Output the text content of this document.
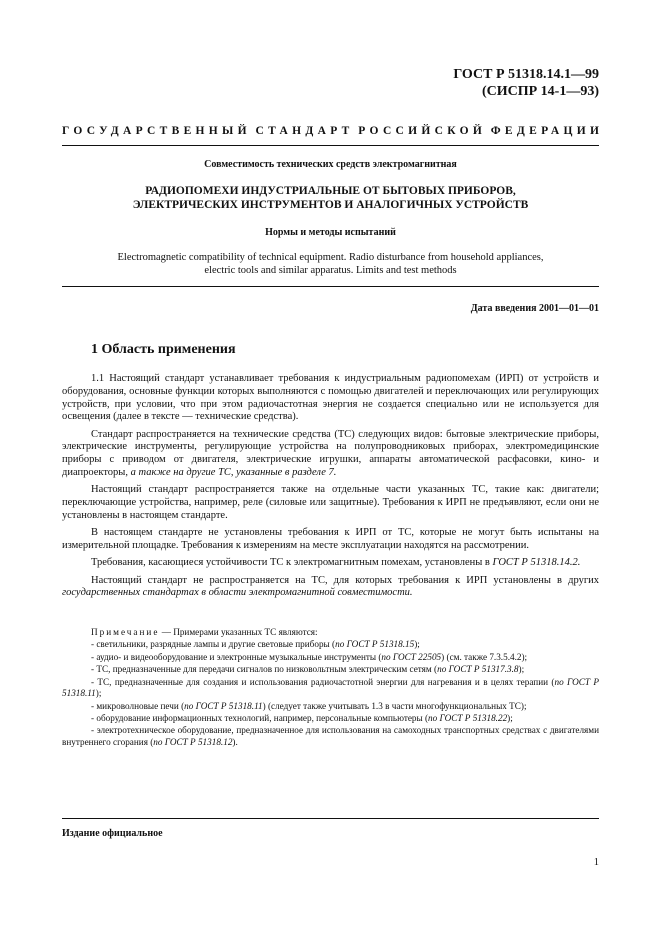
ГОСТ Р 51318.14.1—99
(СИСПР 14-1—93)
ГОСУДАРСТВЕННЫЙ СТАНДАРТ РОССИЙСКОЙ ФЕДЕРАЦИИ
Совместимость технических средств электромагнитная
РАДИОПОМЕХИ ИНДУСТРИАЛЬНЫЕ ОТ БЫТОВЫХ ПРИБОРОВ,
ЭЛЕКТРИЧЕСКИХ ИНСТРУМЕНТОВ И АНАЛОГИЧНЫХ УСТРОЙСТВ
Нормы и методы испытаний
Electromagnetic compatibility of technical equipment. Radio disturbance from household appliances,
electric tools and similar apparatus. Limits and test methods
Дата введения 2001—01—01
1 Область применения

1.1 Настоящий стандарт устанавливает требования к индустриальным радиопомехам (ИРП) от устройств и оборудования, основные функции которых выполняются с помощью двигателей и переключающих или регулирующих устройств, при условии, что при этом радиочастотная энергия не создается специально или не используется для освещения (далее в тексте — технические средства).

Стандарт распространяется на технические средства (ТС) следующих видов: бытовые электрические приборы, электрические инструменты, регулирующие устройства на полупроводниковых приборах, электромедицинские приборы с приводом от двигателя, электрические игрушки, аппараты автоматической расфасовки, кино- и диапроекторы, а также на другие ТС, указанные в разделе 7.

Настоящий стандарт распространяется также на отдельные части указанных ТС, такие как: двигатели; переключающие устройства, например, реле (силовые или защитные). Требования к ИРП не предъявляют, если они не установлены в настоящем стандарте.

В настоящем стандарте не установлены требования к ИРП от ТС, которые не могут быть испытаны на измерительной площадке. Требования к измерениям на месте эксплуатации находятся на рассмотрении.

Требования, касающиеся устойчивости ТС к электромагнитным помехам, установлены в ГОСТ Р 51318.14.2.

Настоящий стандарт не распространяется на ТС, для которых требования к ИРП установлены в других государственных стандартах в области электромагнитной совместимости.

Примечание — Примерами указанных ТС являются:

- светильники, разрядные лампы и другие световые приборы (по ГОСТ Р 51318.15);

- аудио- и видеооборудование и электронные музыкальные инструменты (по ГОСТ 22505) (см. также 7.3.5.4.2);

- ТС, предназначенные для передачи сигналов по низковольтным электрическим сетям (по ГОСТ Р 51317.3.8);

- ТС, предназначенные для создания и использования радиочастотной энергии для нагревания и в целях терапии (по ГОСТ Р 51318.11);

- микроволновые печи (по ГОСТ Р 51318.11) (следует также учитывать 1.3 в части многофункциональных ТС);

- оборудование информационных технологий, например, персональные компьютеры (по ГОСТ Р 51318.22);

- электротехническое оборудование, предназначенное для использования на самоходных транспортных средствах с двигателями внутреннего сгорания (по ГОСТ Р 51318.12).

Издание официальное
1
